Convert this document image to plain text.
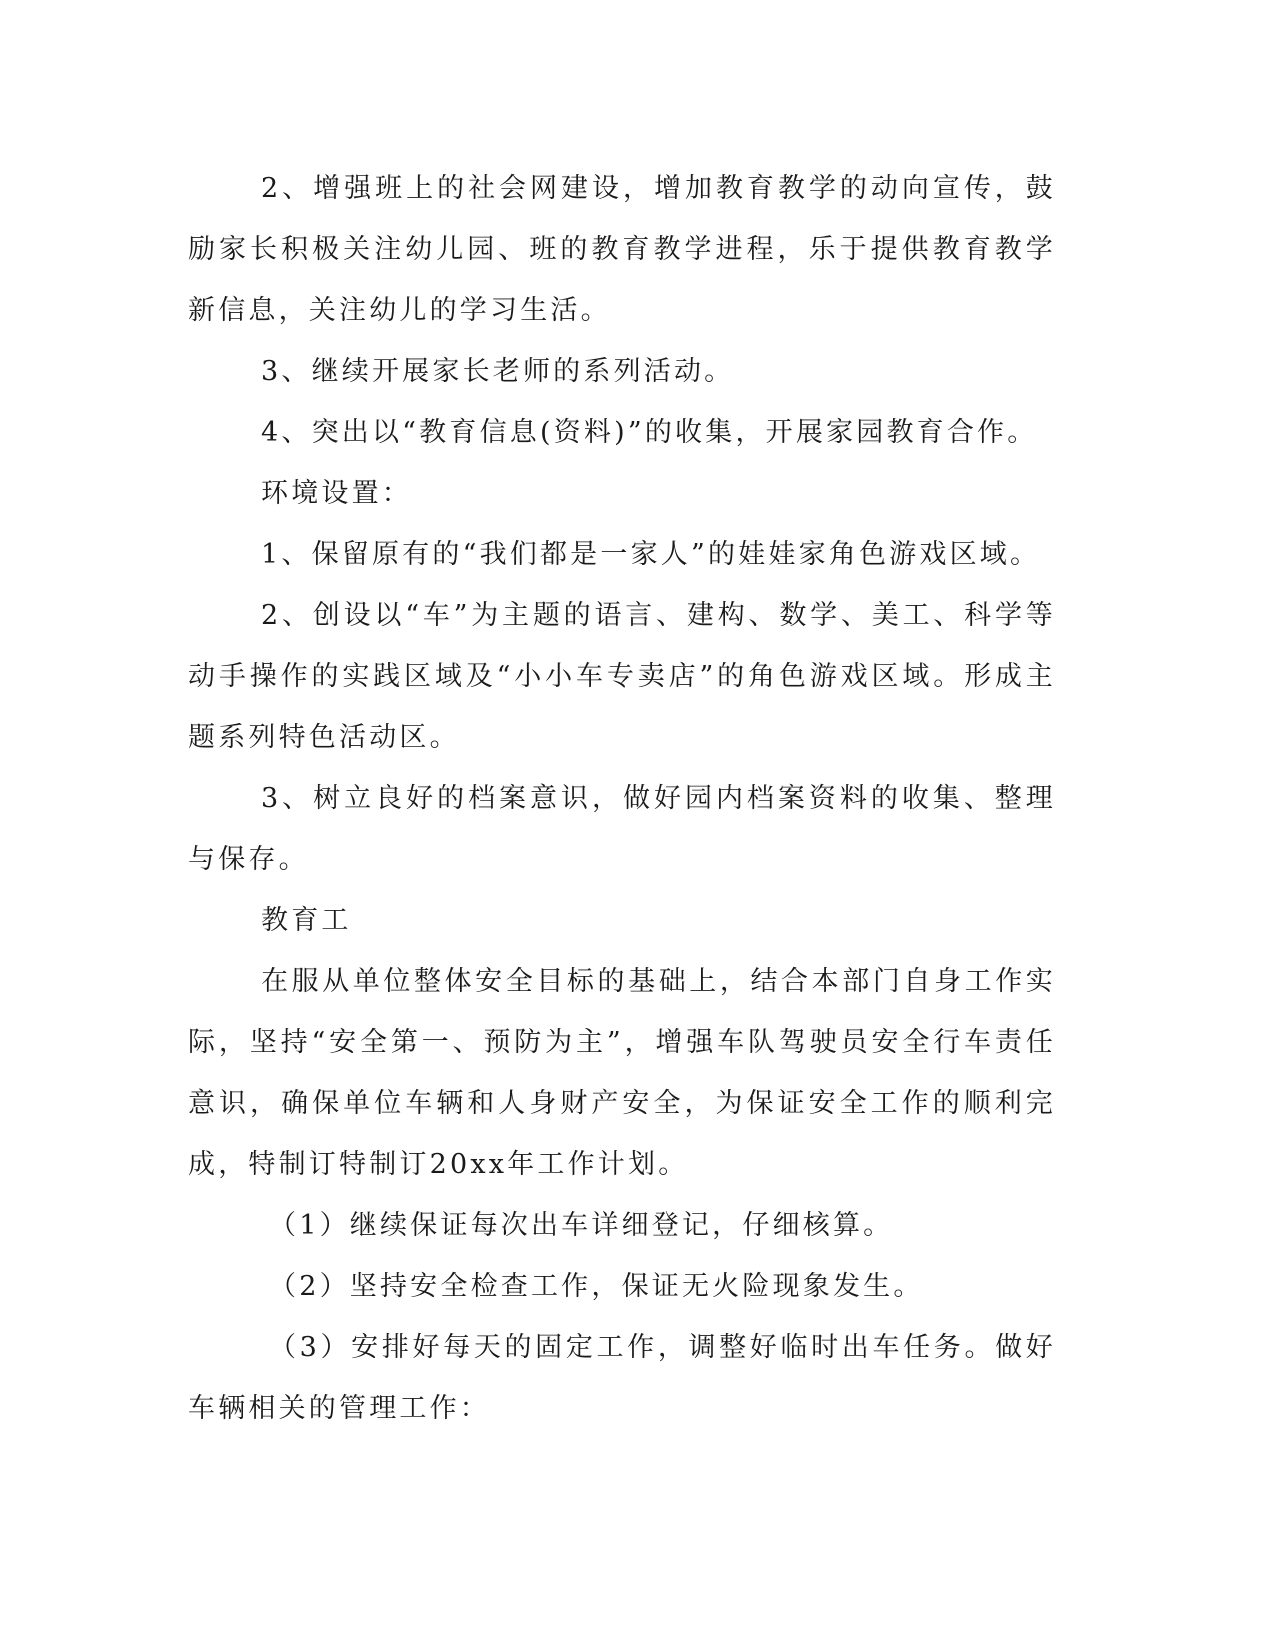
2、增强班上的社会网建设，增加教育教学的动向宣传，鼓励家长积极关注幼儿园、班的教育教学进程，乐于提供教育教学新信息，关注幼儿的学习生活。

3、继续开展家长老师的系列活动。

4、突出以“教育信息(资料)”的收集，开展家园教育合作。

环境设置：

1、保留原有的“我们都是一家人”的娃娃家角色游戏区域。

2、创设以“车”为主题的语言、建构、数学、美工、科学等动手操作的实践区域及“小小车专卖店”的角色游戏区域。形成主题系列特色活动区。

3、树立良好的档案意识，做好园内档案资料的收集、整理与保存。

教育工

在服从单位整体安全目标的基础上，结合本部门自身工作实际，坚持“安全第一、预防为主”，增强车队驾驶员安全行车责任意识，确保单位车辆和人身财产安全，为保证安全工作的顺利完成，特制订特制订20xx年工作计划。

（1）继续保证每次出车详细登记，仔细核算。

（2）坚持安全检查工作，保证无火险现象发生。

（3）安排好每天的固定工作，调整好临时出车任务。做好车辆相关的管理工作：
